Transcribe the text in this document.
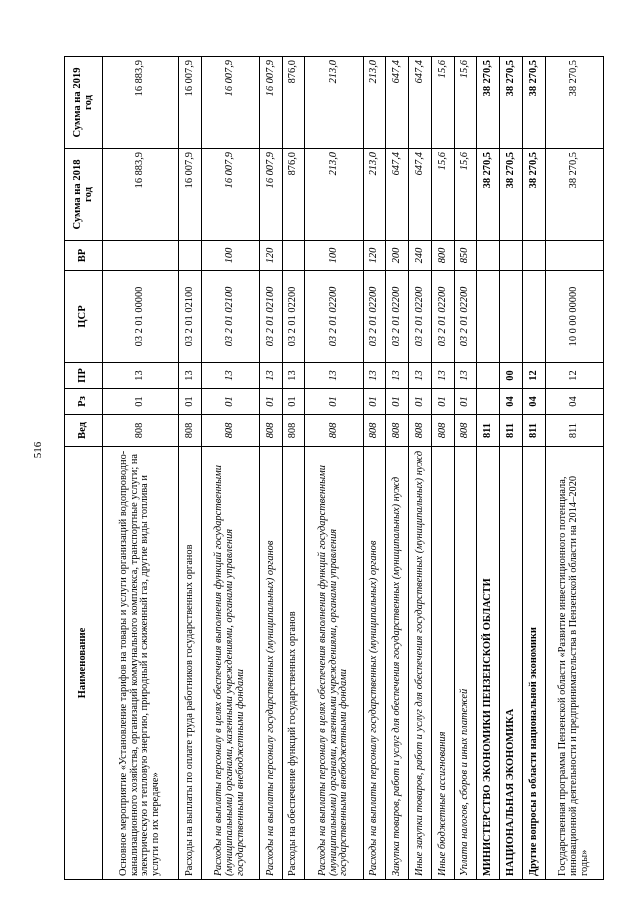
516
Наименование	Вед	Рз	ПР	ЦСР	ВР	Сумма на 2018 год	Сумма на 2019 год
Основное мероприятие «Установление тарифов на товары и услуги организаций водопроводно-канализационного хозяйства, организаций коммунального комплекса, транспортные услуги; на электрическую и тепловую энергию, природный и сжиженный газ, другие виды топлива и услуги по их передаче»	808	01	13	03 2 01 00000		16 883,9	16 883,9
Расходы на выплаты по оплате труда работников государственных органов	808	01	13	03 2 01 02100		16 007,9	16 007,9
Расходы на выплаты персоналу в целях обеспечения выполнения функций государственными (муниципальными) органами, казенными учреждениями, органами управления государственными внебюджетными фондами	808	01	13	03 2 01 02100	100	16 007,9	16 007,9
Расходы на выплаты персоналу государственных (муниципальных) органов	808	01	13	03 2 01 02100	120	16 007,9	16 007,9
Расходы на обеспечение функций государственных органов	808	01	13	03 2 01 02200		876,0	876,0
Расходы на выплаты персоналу в целях обеспечения выполнения функций государственными (муниципальными) органами, казенными учреждениями, органами управления государственными внебюджетными фондами	808	01	13	03 2 01 02200	100	213,0	213,0
Расходы на выплаты персоналу государственных (муниципальных) органов	808	01	13	03 2 01 02200	120	213,0	213,0
Закупка товаров, работ и услуг для обеспечения государственных (муниципальных) нужд	808	01	13	03 2 01 02200	200	647,4	647,4
Иные закупки товаров, работ и услуг для обеспечения государственных (муниципальных) нужд	808	01	13	03 2 01 02200	240	647,4	647,4
Иные бюджетные ассигнования	808	01	13	03 2 01 02200	800	15,6	15,6
Уплата налогов, сборов и иных платежей	808	01	13	03 2 01 02200	850	15,6	15,6
МИНИСТЕРСТВО ЭКОНОМИКИ ПЕНЗЕНСКОЙ ОБЛАСТИ	811					38 270,5	38 270,5
НАЦИОНАЛЬНАЯ ЭКОНОМИКА	811	04	00			38 270,5	38 270,5
Другие вопросы в области национальной экономики	811	04	12			38 270,5	38 270,5
Государственная программа Пензенской области «Развитие инвестиционного потенциала, инновационной деятельности и предпринимательства в Пензенской области на 2014–2020 годы»	811	04	12	10 0 00 00000		38 270,5	38 270,5
